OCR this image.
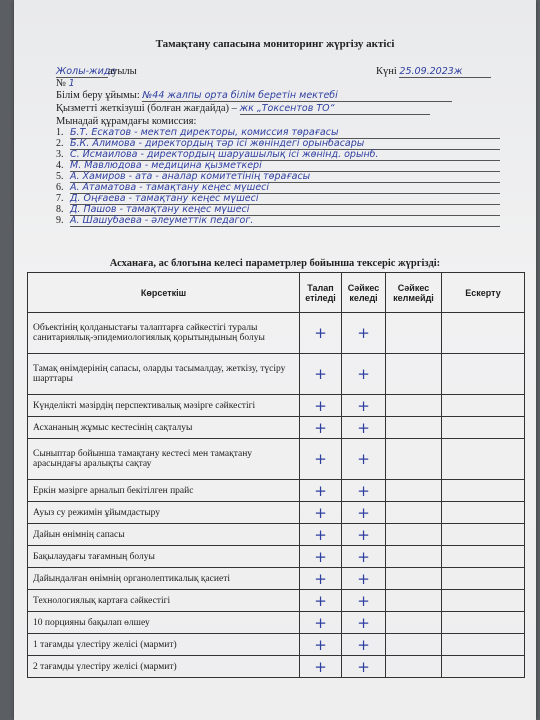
Тамақтану сапасына мониторинг жүргізу актісі
Жолы-жидеауылы	Күні 25.09.2023ж
№ 1
Білім беру ұйымы: №44 жалпы орта білім беретін мектебі
Қызметті жеткізуші (болған жағдайда) – жк „Токсентов ТО“
Мынадай құрамдағы комиссия:
1. Б.Т. Ескатов - мектеп директоры, комиссия төрағасы
2. Б.К. Алимова - директордың тәр ісі жөніндегі орынбасары
3. С. Исмаилова - директордың шаруашылық ісі жөнінд. орынб.
4. М. Мавлюдова - медицина қызметкері
5. А. Хамиров - ата - аналар комитетінің төрағасы
6. А. Атаматова - тамақтану кеңес мүшесі
7. Д. Оңғаева - тамақтану кеңес мүшесі
8. Д. Пашов - тамақтану кеңес мүшесі
9. А. Шашубаева - әлеуметтік педагог.
Асханаға, ас блогына келесі параметрлер бойынша тексеріс жүргізді:
Көрсеткіш	Талап етіледі	Сәйкес келеді	Сәйкес келмейді	Ескерту
Объектінің қолданыстағы талаптарға сәйкестігі туралы санитариялық-эпидемиологиялық қорытындының болуы	+	+		
Тамақ өнімдерінің сапасы, оларды тасымалдау, жеткізу, түсіру шарттары	+	+		
Күнделікті мәзірдің перспективалық мәзірге сәйкестігі	+	+		
Асхананың жұмыс кестесінің сақталуы	+	+		
Сыныптар бойынша тамақтану кестесі мен тамақтану арасындағы аралықты сақтау	+	+		
Еркін мәзірге арналып бекітілген прайс	+	+		
Ауыз су режимін ұйымдастыру	+	+		
Дайын өнімнің сапасы	+	+		
Бақылаудағы тағамның болуы	+	+		
Дайындалған өнімнің органолептикалық қасиеті	+	+		
Технологиялық картаға сәйкестігі	+	+		
10 порцияны бақылап өлшеу	+	+		
1 тағамды үлестіру желісі (мармит)	+	+		
2 тағамды үлестіру желісі (мармит)	+	+		
